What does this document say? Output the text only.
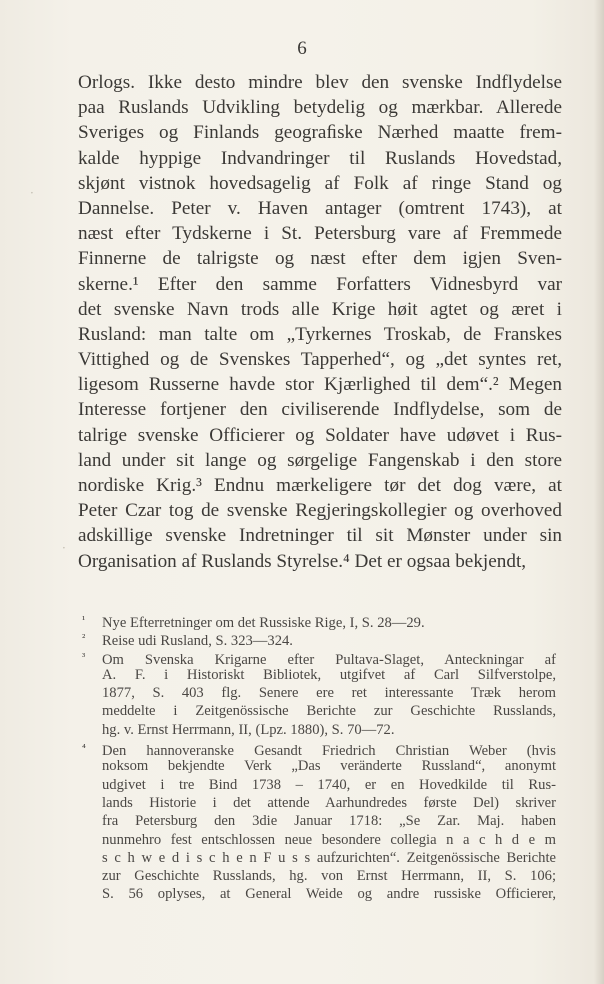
6
Orlogs. Ikke desto mindre blev den svenske Indflydelse
paa Ruslands Udvikling betydelig og mærkbar. Allerede
Sveriges og Finlands geograﬁske Nærhed maatte frem-
kalde hyppige Indvandringer til Ruslands Hovedstad,
skjønt vistnok hovedsagelig af Folk af ringe Stand og
Dannelse. Peter v. Haven antager (omtrent 1743), at
næst efter Tydskerne i St. Petersburg vare af Fremmede
Finnerne de talrigste og næst efter dem igjen Sven-
skerne.¹ Efter den samme Forfatters Vidnesbyrd var
det svenske Navn trods alle Krige høit agtet og æret i
Rusland: man talte om „Tyrkernes Troskab, de Franskes
Vittighed og de Svenskes Tapperhed“, og „det syntes ret,
ligesom Russerne havde stor Kjærlighed til dem“.² Megen
Interesse fortjener den civiliserende Indflydelse, som de
talrige svenske Officierer og Soldater have udøvet i Rus-
land under sit lange og sørgelige Fangenskab i den store
nordiske Krig.³ Endnu mærkeligere tør det dog være, at
Peter Czar tog de svenske Regjeringskollegier og overhoved
adskillige svenske Indretninger til sit Mønster under sin
Organisation af Ruslands Styrelse.⁴ Det er ogsaa bekjendt,
¹ Nye Efterretninger om det Russiske Rige, I, S. 28—29.
² Reise udi Rusland, S. 323—324.
³ Om Svenska Krigarne efter Pultava-Slaget, Anteckningar af
A. F. i Historiskt Bibliotek, utgifvet af Carl Silfverstolpe,
1877, S. 403 flg. Senere ere ret interessante Træk herom
meddelte i Zeitgenössische Berichte zur Geschichte Russlands,
hg. v. Ernst Herrmann, II, (Lpz. 1880), S. 70—72.
⁴ Den hannoveranske Gesandt Friedrich Christian Weber (hvis
noksom bekjendte Verk „Das veränderte Russland“, anonymt
udgivet i tre Bind 1738 – 1740, er en Hovedkilde til Rus-
lands Historie i det attende Aarhundredes første Del) skriver
fra Petersburg den 3die Januar 1718: „Se Zar. Maj. haben
nunmehro fest entschlossen neue besondere collegia n a c h d e m
s c h w e d i s c h e n F u s s aufzurichten“. Zeitgenössische Berichte
zur Geschichte Russlands, hg. von Ernst Herrmann, II, S. 106;
S. 56 oplyses, at General Weide og andre russiske Officierer,
·
·
